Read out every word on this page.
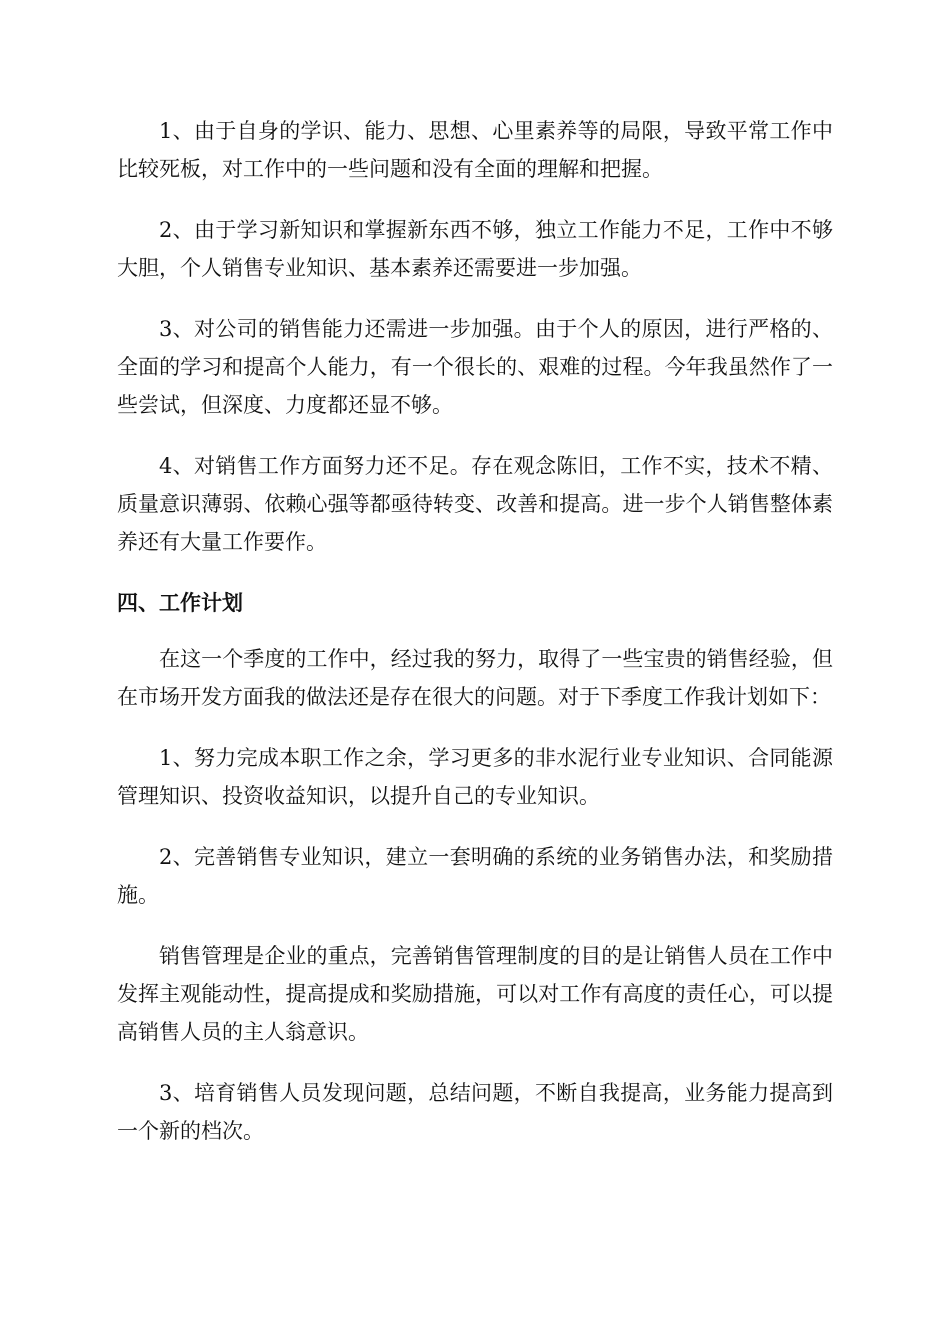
1、由于自身的学识、能力、思想、心里素养等的局限，导致平常工作中比较死板，对工作中的一些问题和没有全面的理解和把握。

2、由于学习新知识和掌握新东西不够，独立工作能力不足，工作中不够大胆，个人销售专业知识、基本素养还需要进一步加强。

3、对公司的销售能力还需进一步加强。由于个人的原因，进行严格的、全面的学习和提高个人能力，有一个很长的、艰难的过程。今年我虽然作了一些尝试，但深度、力度都还显不够。

4、对销售工作方面努力还不足。存在观念陈旧，工作不实，技术不精、质量意识薄弱、依赖心强等都亟待转变、改善和提高。进一步个人销售整体素养还有大量工作要作。

四、工作计划

在这一个季度的工作中，经过我的努力，取得了一些宝贵的销售经验，但在市场开发方面我的做法还是存在很大的问题。对于下季度工作我计划如下：

1、努力完成本职工作之余，学习更多的非水泥行业专业知识、合同能源管理知识、投资收益知识，以提升自己的专业知识。

2、完善销售专业知识，建立一套明确的系统的业务销售办法，和奖励措施。

销售管理是企业的重点，完善销售管理制度的目的是让销售人员在工作中发挥主观能动性，提高提成和奖励措施，可以对工作有高度的责任心，可以提高销售人员的主人翁意识。

3、培育销售人员发现问题，总结问题，不断自我提高，业务能力提高到一个新的档次。
